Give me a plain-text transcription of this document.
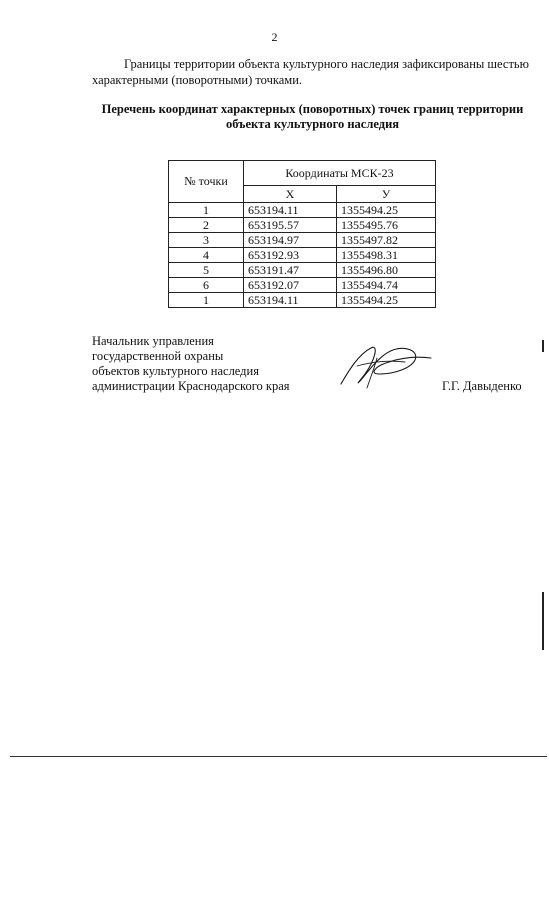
2
Границы территории объекта культурного наследия зафиксированы шестью характерными (поворотными) точками.
Перечень координат характерных (поворотных) точек границ территории объекта культурного наследия
№ точки	Координаты МСК-23	
	X	У
1	653194.11	1355494.25
2	653195.57	1355495.76
3	653194.97	1355497.82
4	653192.93	1355498.31
5	653191.47	1355496.80
6	653192.07	1355494.74
1	653194.11	1355494.25
Начальник управления
государственной охраны
объектов культурного наследия
администрации Краснодарского края	Г.Г. Давыденко
